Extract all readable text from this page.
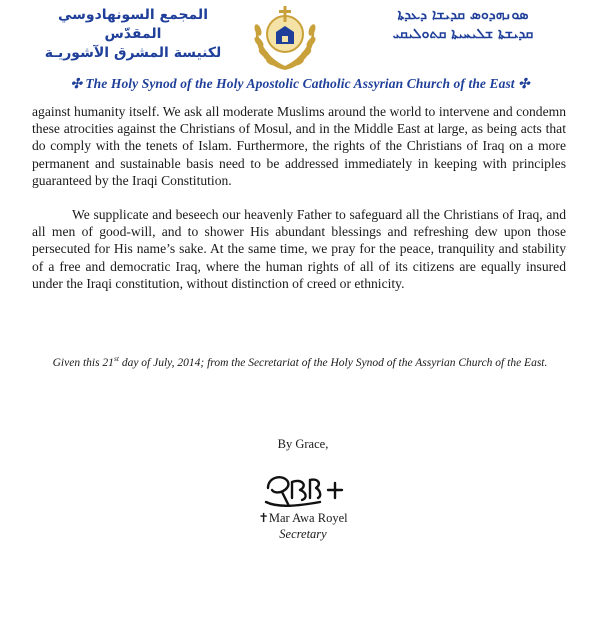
المجمع السونهادوسي المقدّس
لكنيسة المشرق الآشوريـة
ܣܘܢܗܕܘܣ ܩܕܝܫܐ ܕܥܕܬܐ
ܩܕܝܫܬܐ ܫܠܝܚܝܬܐ ܩܬܘܠܝܩܝ
✣ The Holy Synod of the Holy Apostolic Catholic Assyrian Church of the East ✣

against humanity itself. We ask all moderate Muslims around the world to intervene and condemn these atrocities against the Christians of Mosul, and in the Middle East at large, as being acts that do comply with the tenets of Islam. Furthermore, the rights of the Christians of Iraq on a more permanent and sustainable basis need to be addressed immediately in keeping with principles guaranteed by the Iraqi Constitution.

We supplicate and beseech our heavenly Father to safeguard all the Christians of Iraq, and all men of good-will, and to shower His abundant blessings and refreshing dew upon those persecuted for His name’s sake. At the same time, we pray for the peace, tranquility and stability of a free and democratic Iraq, where the human rights of all of its citizens are equally insured under the Iraqi constitution, without distinction of creed or ethnicity.

Given this 21st day of July, 2014; from the Secretariat of the Holy Synod of the Assyrian Church of the East.
By Grace,
✝Mar Awa Royel
Secretary
